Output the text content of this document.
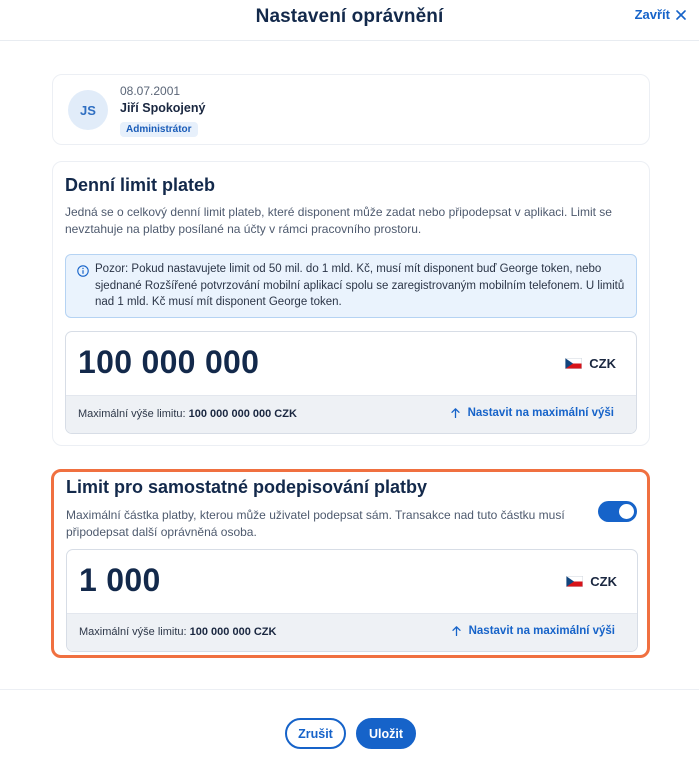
Nastavení oprávnění	Zavřít
JS
08.07.2001
Jiří Spokojený
Administrátor
Denní limit plateb
Jedná se o celkový denní limit plateb, které disponent může zadat nebo připodepsat v aplikaci. Limit se nevztahuje na platby posílané na účty v rámci pracovního prostoru.
Pozor: Pokud nastavujete limit od 50 mil. do 1 mld. Kč, musí mít disponent buď George token, nebo sjednané Rozšířené potvrzování mobilní aplikací spolu se zaregistrovaným mobilním telefonem. U limitů nad 1 mld. Kč musí mít disponent George token.
100 000 000	CZK
Maximální výše limitu: 100 000 000 000 CZK	Nastavit na maximální výši
Limit pro samostatné podepisování platby
Maximální částka platby, kterou může uživatel podepsat sám. Transakce nad tuto částku musí připodepsat další oprávněná osoba.
1 000	CZK
Maximální výše limitu: 100 000 000 CZK	Nastavit na maximální výši
Zrušit	Uložit
